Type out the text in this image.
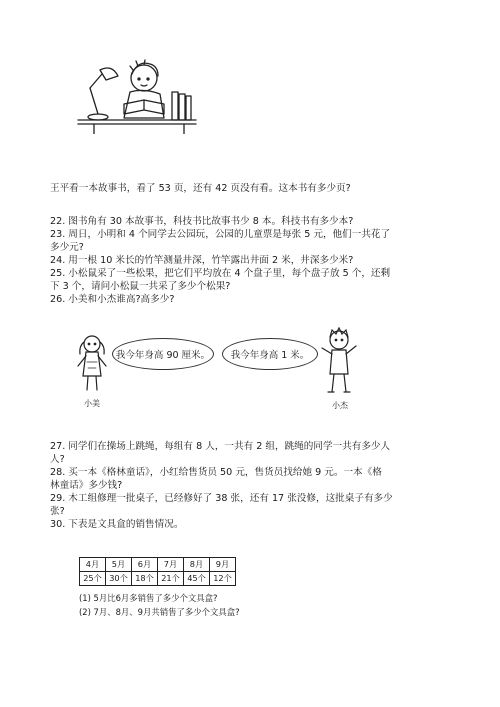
王平看一本故事书，看了 53 页，还有 42 页没有看。这本书有多少页?
22. 图书角有 30 本故事书，科技书比故事书少 8 本。科技书有多少本?
23. 周日，小明和 4 个同学去公园玩，公园的儿童票是每张 5 元，他们一共花了
多少元?
24. 用一根 10 米长的竹竿测量井深，竹竿露出井面 2 米，井深多少米?
25. 小松鼠采了一些松果，把它们平均放在 4 个盘子里，每个盘子放 5 个，还剩
下 3 个，请问小松鼠一共采了多少个松果?
26. 小美和小杰谁高?高多少?
小美
我今年身高 90 厘米。 我今年身高 1 米。
小杰
27. 同学们在操场上跳绳，每组有 8 人，一共有 2 组，跳绳的同学一共有多少人
人?
28. 买一本《格林童话》，小红给售货员 50 元，售货员找给她 9 元。一本《格
林童话》多少钱?
29. 木工组修理一批桌子，已经修好了 38 张，还有 17 张没修，这批桌子有多少
张?
30. 下表是文具盒的销售情况。
4月	5月	6月	7月	8月	9月
25个	30个	18个	21个	45个	12个
(1) 5月比6月多销售了多少个文具盒?
(2) 7月、8月、9月共销售了多少个文具盒?
